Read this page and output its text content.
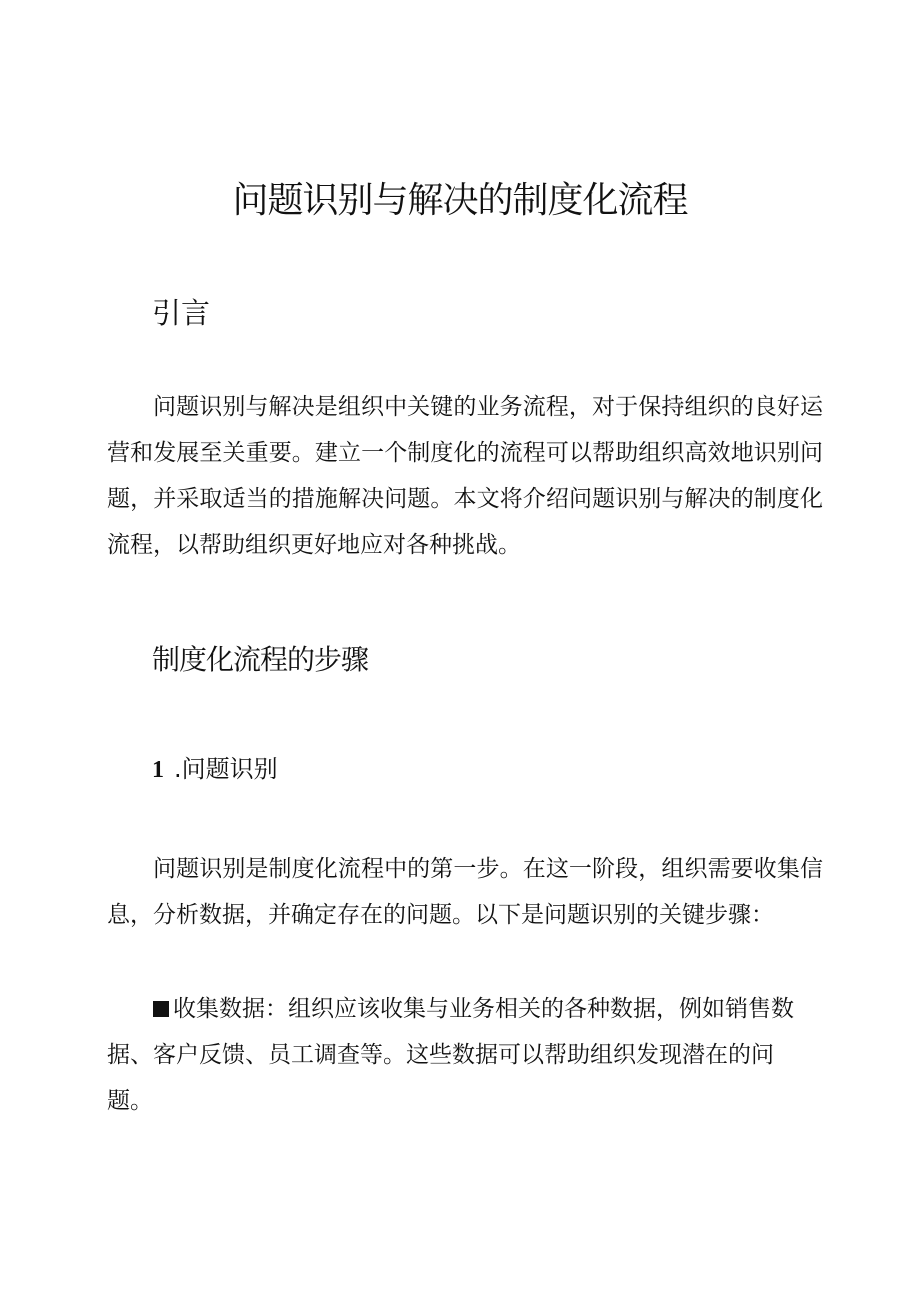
问题识别与解决的制度化流程
引言

问题识别与解决是组织中关键的业务流程，对于保持组织的良好运营和发展至关重要。建立一个制度化的流程可以帮助组织高效地识别问题，并采取适当的措施解决问题。本文将介绍问题识别与解决的制度化流程，以帮助组织更好地应对各种挑战。

制度化流程的步骤
1 .问题识别

问题识别是制度化流程中的第一步。在这一阶段，组织需要收集信息，分析数据，并确定存在的问题。以下是问题识别的关键步骤：

收集数据：组织应该收集与业务相关的各种数据，例如销售数据、客户反馈、员工调查等。这些数据可以帮助组织发现潜在的问题。
